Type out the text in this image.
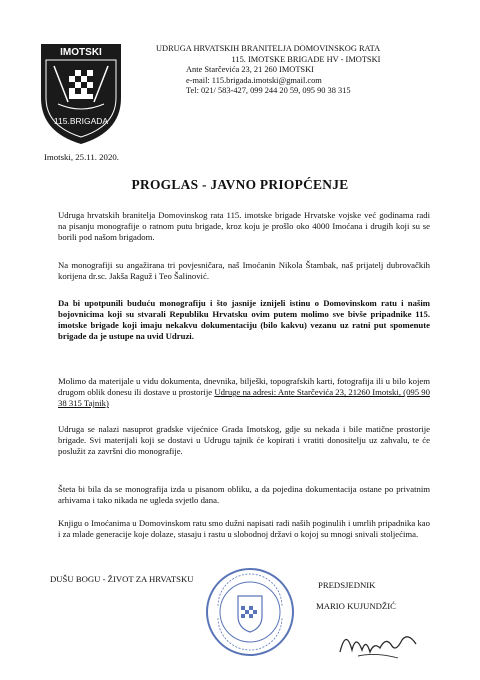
IMOTSKI
115.BRIGADA
UDRUGA HRVATSKIH BRANITELJA DOMOVINSKOG RATA
115. IMOTSKE BRIGADE HV - IMOTSKI
Ante Starčevića 23, 21 260 IMOTSKI
e-mail: 115.brigada.imotski@gmail.com
Tel: 021/ 583-427, 099 244 20 59, 095 90 38 315
Imotski, 25.11. 2020.
PROGLAS - JAVNO PRIOPĆENJE

Udruga hrvatskih branitelja Domovinskog rata 115. imotske brigade Hrvatske vojske već godinama radi na pisanju monografije o ratnom putu brigade, kroz koju je prošlo oko 4000 Imoćana i drugih koji su se borili pod našom brigadom.

Na monografiji su angažirana tri povjesničara, naš Imoćanin Nikola Štambak, naš prijatelj dubrovačkih korijena dr.sc. Jakša Raguž i Teo Šalinović.

Da bi upotpunili buduću monografiju i što jasnije iznijeli istinu o Domovinskom ratu i našim bojovnicima koji su stvarali Republiku Hrvatsku ovim putem molimo sve bivše pripadnike 115. imotske brigade koji imaju nekakvu dokumentaciju (bilo kakvu) vezanu uz ratni put spomenute brigade da je ustupe na uvid Udruzi.

Molimo da materijale u vidu dokumenta, dnevnika, bilješki, topografskih karti, fotografija ili u bilo kojem drugom oblik donesu ili dostave u prostorije Udruge na adresi: Ante Starčevića 23, 21260 Imotski, (095 90 38 315 Tajnik)

Udruga se nalazi nasuprot gradske vijećnice Grada Imotskog, gdje su nekada i bile matične prostorije brigade. Svi materijali koji se dostavi u Udrugu tajnik će kopirati i vratiti donositelju uz zahvalu, te će poslužit za završni dio monografije.

Šteta bi bila da se monografija izda u pisanom obliku, a da pojedina dokumentacija ostane po privatnim arhivama i tako nikada ne ugleda svjetlo dana.

Knjigu o Imoćanima u Domovinskom ratu smo dužni napisati radi naših poginulih i umrlih pripadnika kao i za mlade generacije koje dolaze, stasaju i rastu u slobodnoj državi o kojoj su mnogi snivali stoljećima.

DUŠU BOGU - ŽIVOT ZA HRVATSKU
PREDSJEDNIK
MARIO KUJUNDŽIĆ
